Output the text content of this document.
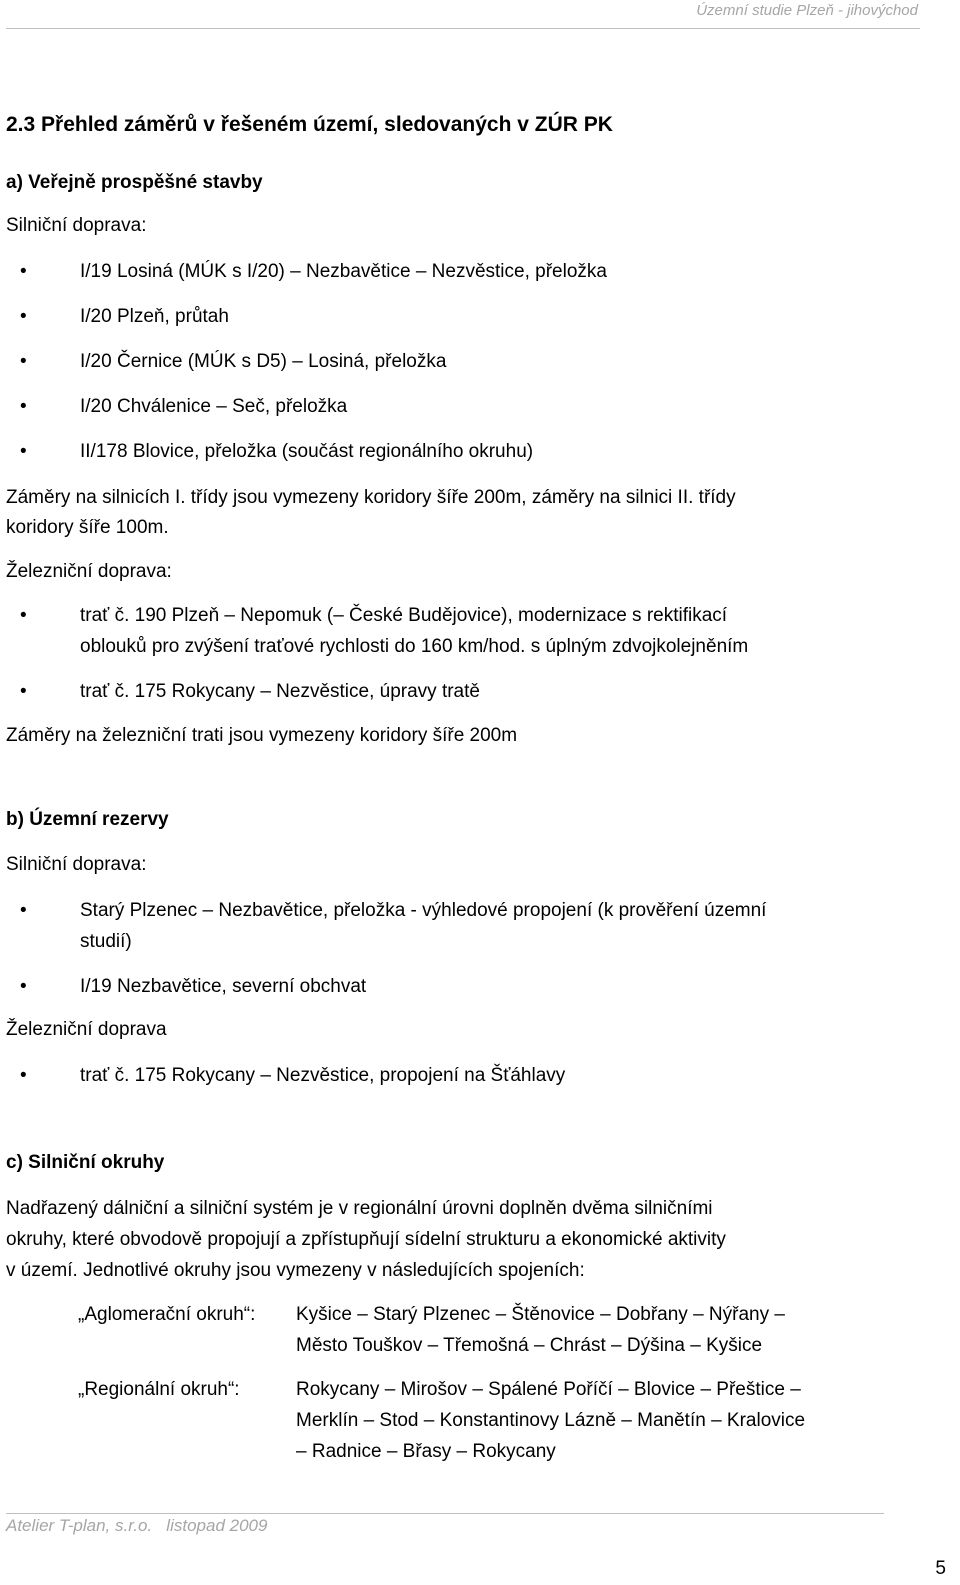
Územní studie Plzeň - jihovýchod
2.3 Přehled záměrů v řešeném území, sledovaných v ZÚR PK
a) Veřejně prospěšné stavby
Silniční doprava:
•	I/19 Losiná (MÚK s I/20) – Nezbavětice – Nezvěstice, přeložka
•	I/20 Plzeň, průtah
•	I/20 Černice (MÚK s D5) – Losiná, přeložka
•	I/20 Chválenice – Seč, přeložka
•	II/178 Blovice, přeložka (součást regionálního okruhu)
Záměry na silnicích I. třídy jsou vymezeny koridory šíře 200m, záměry na silnici II. třídy
koridory šíře 100m.
Železniční doprava:
•	trať č. 190 Plzeň – Nepomuk (– České Budějovice), modernizace s rektifikací
oblouků pro zvýšení traťové rychlosti do 160 km/hod. s úplným zdvojkolejněním
•	trať č. 175 Rokycany – Nezvěstice, úpravy tratě
Záměry na železniční trati jsou vymezeny koridory šíře 200m
b) Územní rezervy
Silniční doprava:
•	Starý Plzenec – Nezbavětice, přeložka - výhledové propojení (k prověření územní
studií)
•	I/19 Nezbavětice, severní obchvat
Železniční doprava
•	trať č. 175 Rokycany – Nezvěstice, propojení na Šťáhlavy
c) Silniční okruhy
Nadřazený dálniční a silniční systém je v regionální úrovni doplněn dvěma silničními
okruhy, které obvodově propojují a zpřístupňují sídelní strukturu a ekonomické aktivity
v území. Jednotlivé okruhy jsou vymezeny v následujících spojeních:
„Aglomerační okruh“: Kyšice – Starý Plzenec – Štěnovice – Dobřany – Nýřany –
Město Touškov – Třemošná – Chrást – Dýšina – Kyšice
„Regionální okruh“:	Rokycany – Mirošov – Spálené Poříčí – Blovice – Přeštice –
Merklín – Stod – Konstantinovy Lázně – Manětín – Kralovice
– Radnice – Břasy – Rokycany
Atelier T-plan, s.r.o.   listopad 2009
5
